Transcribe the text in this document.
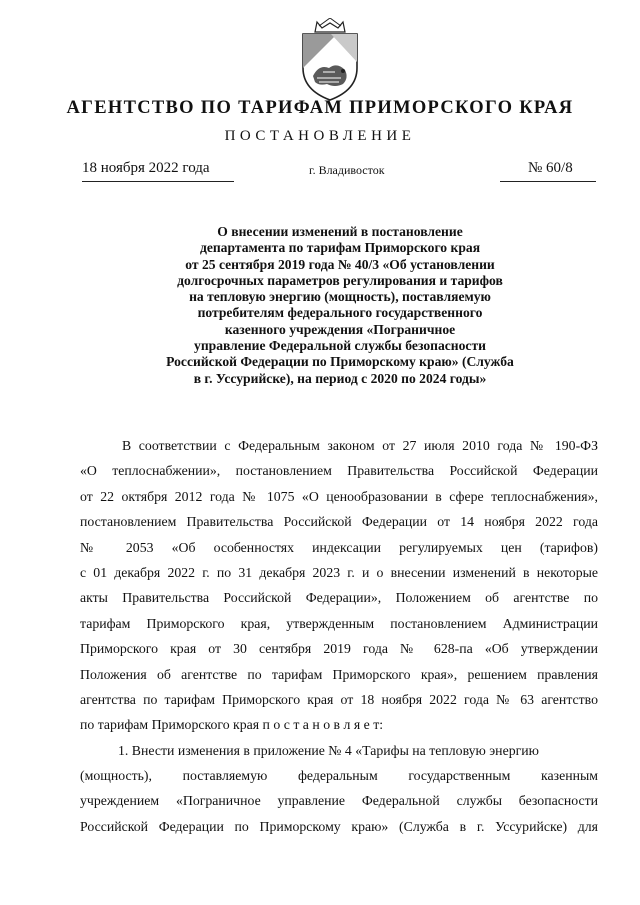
АГЕНТСТВО ПО ТАРИФАМ ПРИМОРСКОГО КРАЯ
ПОСТАНОВЛЕНИЕ
18 ноября 2022 года	г. Владивосток	№ 60/8
О внесении изменений в постановление
департамента по тарифам Приморского края
от 25 сентября 2019 года № 40/3 «Об установлении
долгосрочных параметров регулирования и тарифов
на тепловую энергию (мощность), поставляемую
потребителям федерального государственного
казенного учреждения «Пограничное
управление Федеральной службы безопасности
Российской Федерации по Приморскому краю» (Служба
в г. Уссурийске), на период с 2020 по 2024 годы»
В соответствии с Федеральным законом от 27 июля 2010 года № 190-ФЗ
«О теплоснабжении», постановлением Правительства Российской Федерации
от 22 октября 2012 года № 1075 «О ценообразовании в сфере теплоснабжения»,
постановлением Правительства Российской Федерации от 14 ноября 2022 года
№ 2053 «Об особенностях индексации регулируемых цен (тарифов)
с 01 декабря 2022 г. по 31 декабря 2023 г. и о внесении изменений в некоторые
акты Правительства Российской Федерации», Положением об агентстве по
тарифам Приморского края, утвержденным постановлением Администрации
Приморского края от 30 сентября 2019 года № 628-па «Об утверждении
Положения об агентстве по тарифам Приморского края», решением правления
агентства по тарифам Приморского края от 18 ноября 2022 года № 63 агентство
по тарифам Приморского края п о с т а н о в л я е т:
1. Внести изменения в приложение № 4 «Тарифы на тепловую энергию
(мощность), поставляемую федеральным государственным казенным
учреждением «Пограничное управление Федеральной службы безопасности
Российской Федерации по Приморскому краю» (Служба в г. Уссурийске) для
